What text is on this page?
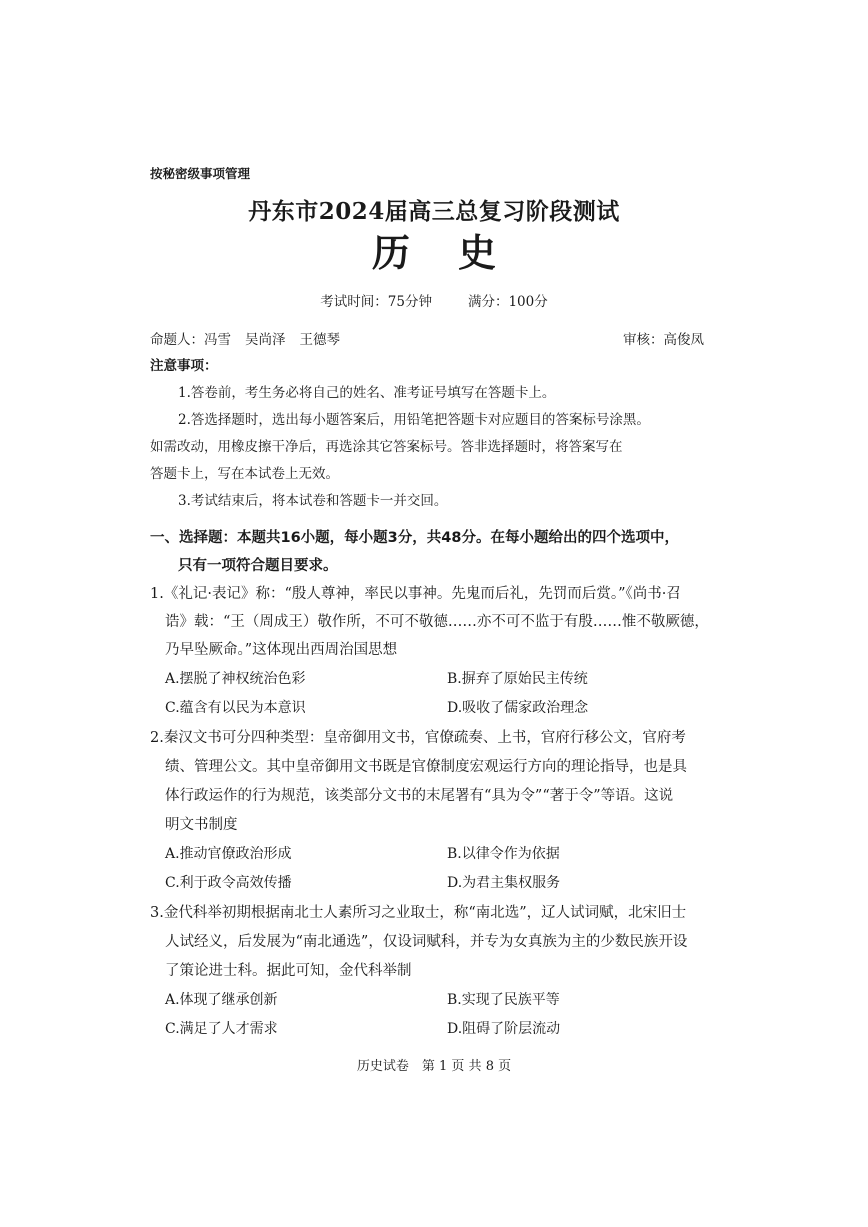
按秘密级事项管理
丹东市2024届高三总复习阶段测试
历 史
考试时间：75分钟	满分：100分
命题人：冯雪 吴尚泽 王德琴	审核：高俊凤
注意事项：
1.答卷前，考生务必将自己的姓名、准考证号填写在答题卡上。
2.答选择题时，选出每小题答案后，用铅笔把答题卡对应题目的答案标号涂黑。
如需改动，用橡皮擦干净后，再选涂其它答案标号。答非选择题时，将答案写在
答题卡上，写在本试卷上无效。
3.考试结束后，将本试卷和答题卡一并交回。
一、选择题：本题共16小题，每小题3分，共48分。在每小题给出的四个选项中，
只有一项符合题目要求。
1.《礼记·表记》称：“殷人尊神，率民以事神。先鬼而后礼，先罚而后赏。”《尚书·召
诰》载：“王（周成王）敬作所，不可不敬德……亦不可不监于有殷……惟不敬厥德，
乃早坠厥命。”这体现出西周治国思想
A.摆脱了神权统治色彩	B.摒弃了原始民主传统
C.蕴含有以民为本意识	D.吸收了儒家政治理念
2.秦汉文书可分四种类型：皇帝御用文书，官僚疏奏、上书，官府行移公文，官府考
绩、管理公文。其中皇帝御用文书既是官僚制度宏观运行方向的理论指导，也是具
体行政运作的行为规范，该类部分文书的末尾署有“具为令”“著于令”等语。这说
明文书制度
A.推动官僚政治形成	B.以律令作为依据
C.利于政令高效传播	D.为君主集权服务
3.金代科举初期根据南北士人素所习之业取士，称“南北选”，辽人试词赋，北宋旧士
人试经义，后发展为“南北通选”，仅设词赋科，并专为女真族为主的少数民族开设
了策论进士科。据此可知，金代科举制
A.体现了继承创新	B.实现了民族平等
C.满足了人才需求	D.阻碍了阶层流动
历史试卷　第 1 页 共 8 页
